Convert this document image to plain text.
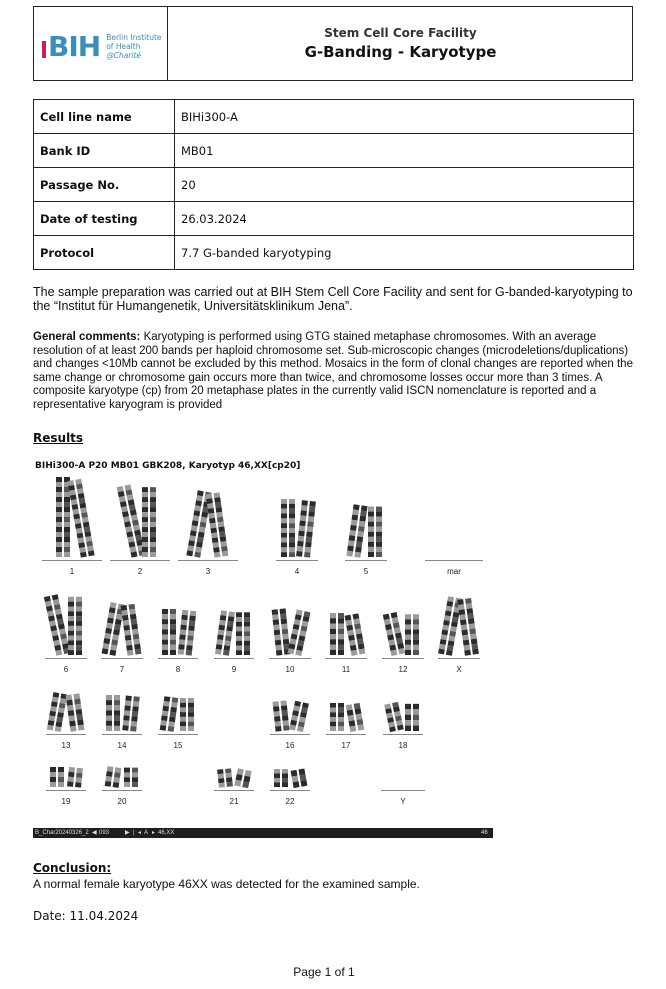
BIH Berlin Institute
of Health
@Charité
Stem Cell Core Facility
G-Banding - Karyotype
Cell line name	BIHi300-A
Bank ID	MB01
Passage No.	20
Date of testing	26.03.2024
Protocol	7.7 G-banded karyotyping
The sample preparation was carried out at BIH Stem Cell Core Facility and sent for G-banded-karyotyping to the “Institut für Humangenetik, Universitätsklinikum Jena”.
General comments: Karyotyping is performed using GTG stained metaphase chromosomes. With an average resolution of at least 200 bands per haploid chromosome set. Sub-microscopic changes (microdeletions/duplications) and changes <10Mb cannot be excluded by this method. Mosaics in the form of clonal changes are reported when the same change or chromosome gain occurs more than twice, and chromosome losses occur more than 3 times. A composite karyotype (cp) from 20 metaphase plates in the currently valid ISCN nomenclature is reported and a representative karyogram is provided
Results
BIHi300-A P20 MB01 GBK208, Karyotyp 46,XX[cp20]
1	2	3	4	5	mar
6	7	8	9	10	11	12	X
13	14	15	16	17	18
19	20	21	22	Y
B_Char20240326_2 ◀ 093	▶ | ◂ A ▸ 46,XX	46
Conclusion:
A normal female karyotype 46XX was detected for the examined sample.
Date: 11.04.2024
Page 1 of 1
